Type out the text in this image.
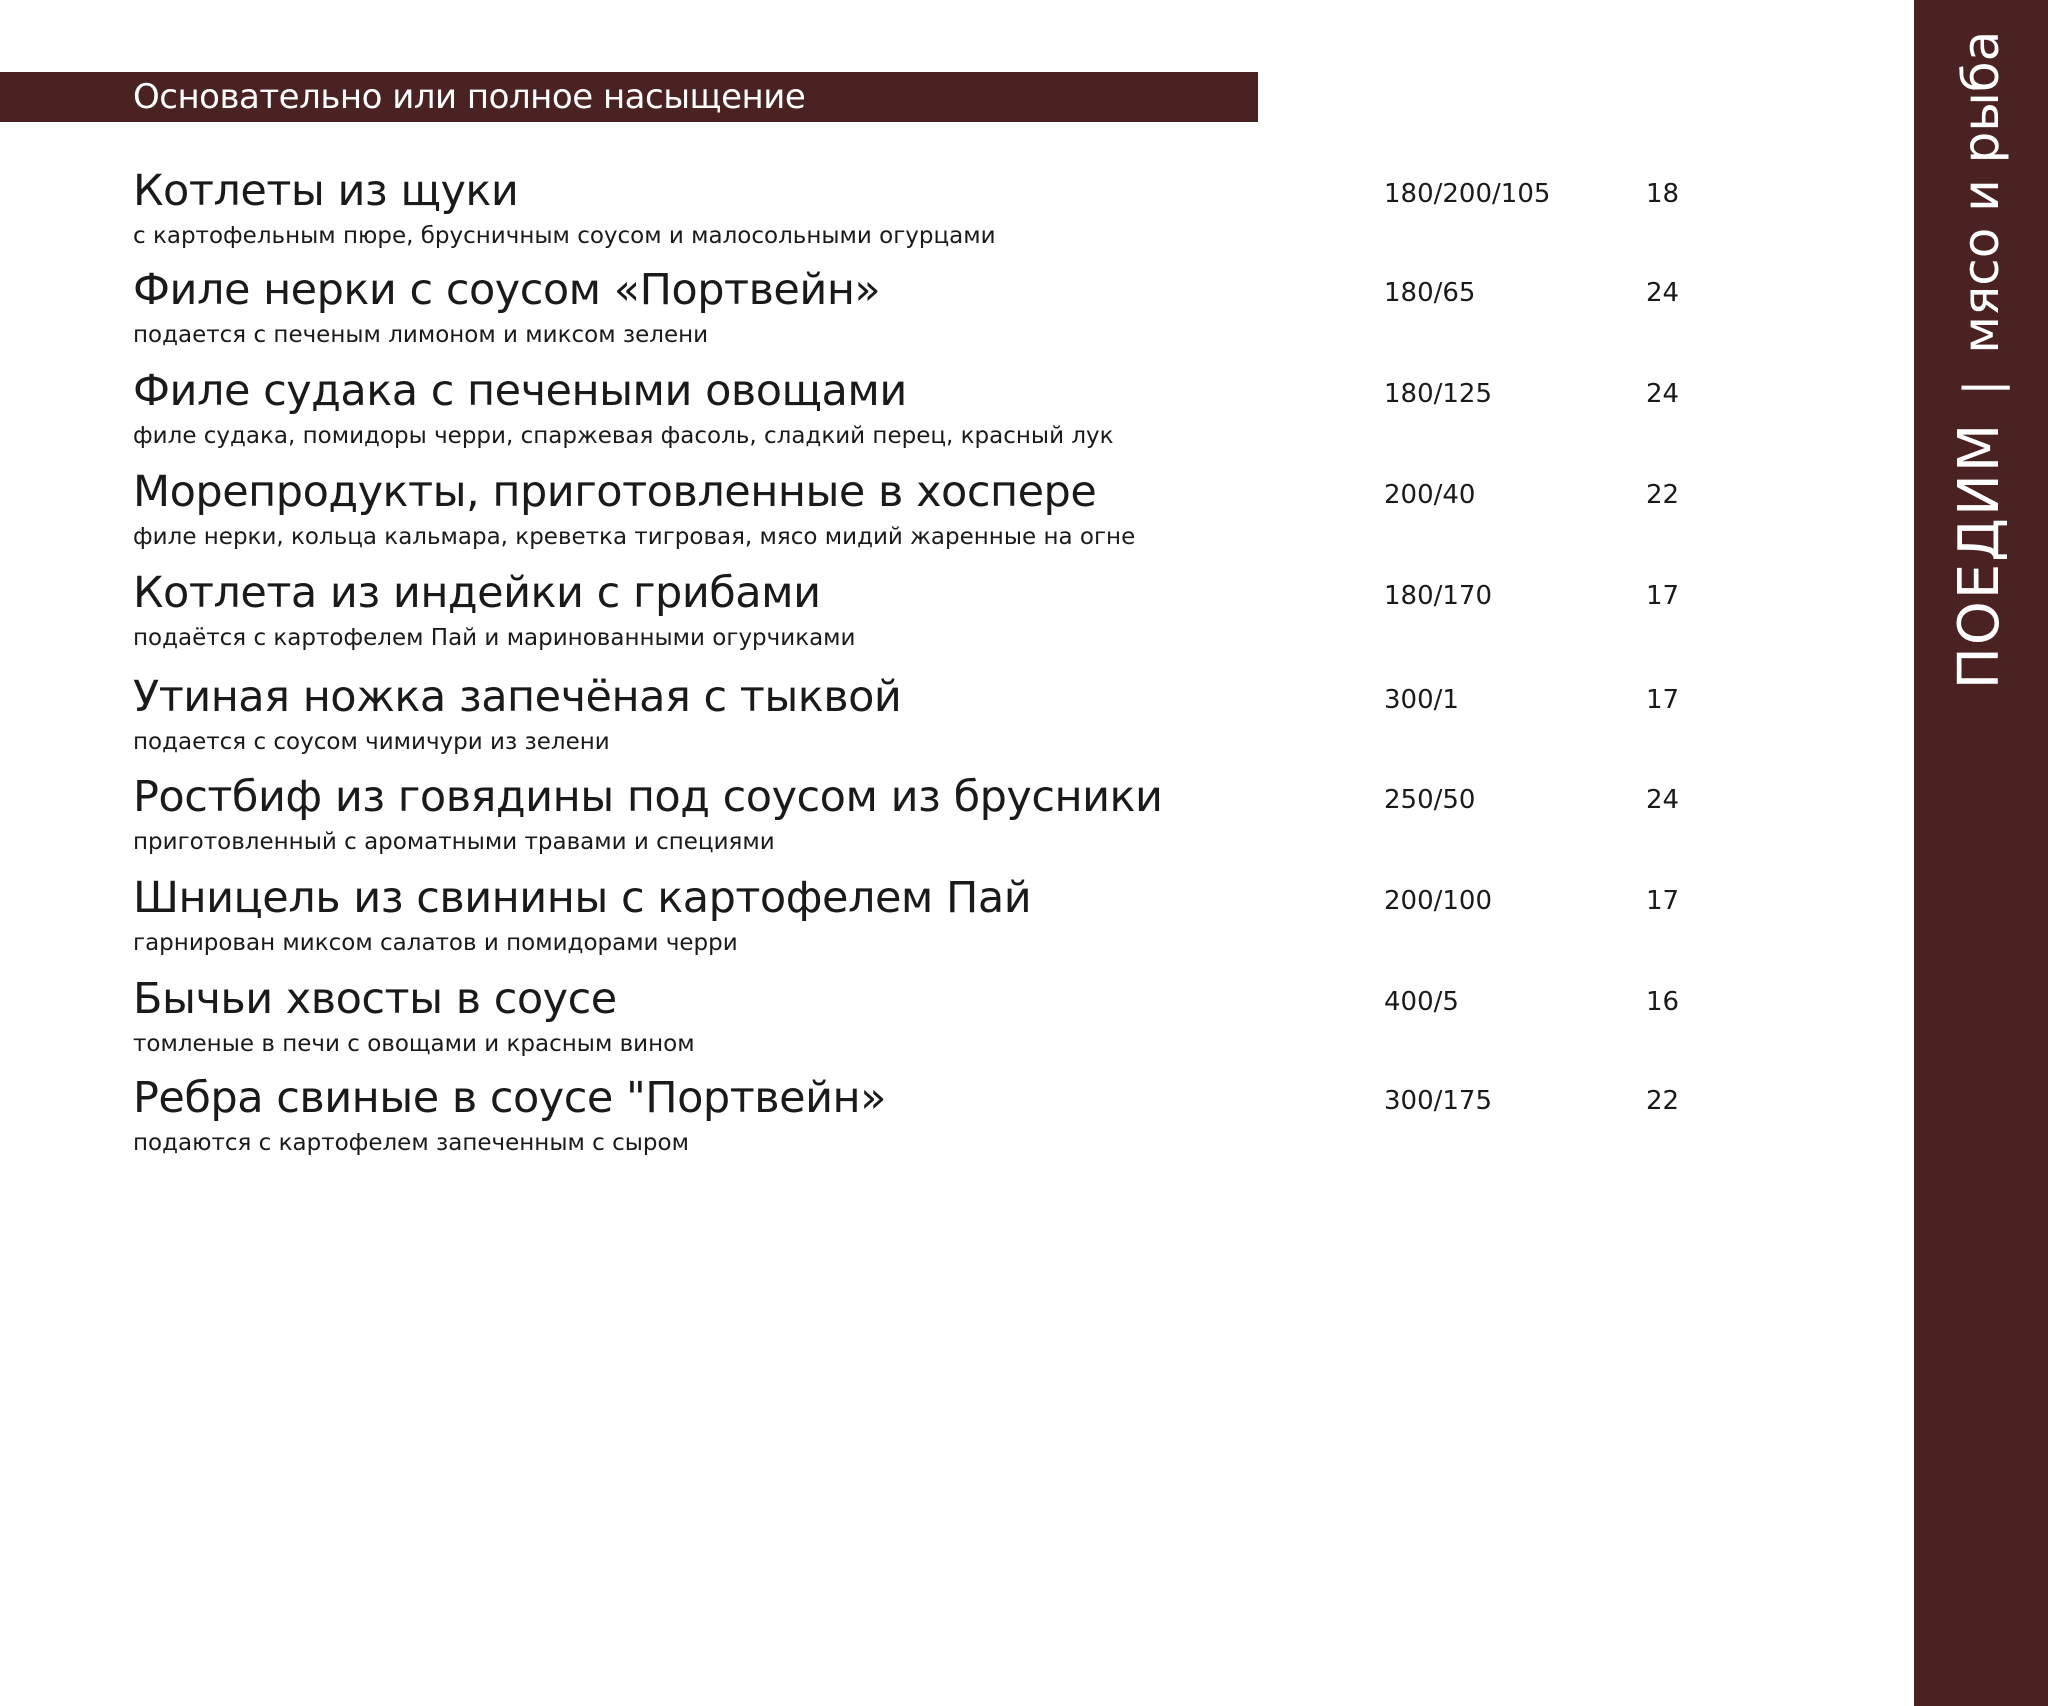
Основательно или полное насыщение
Котлеты из щуки
с картофельным пюре, брусничным соусом и малосольными огурцами
180/200/105	18
Филе нерки с соусом «Портвейн»
подается с печеным лимоном и миксом зелени
180/65	24
Филе судака с печеными овощами
филе судака, помидоры черри, спаржевая фасоль, сладкий перец, красный лук
180/125	24
Морепродукты, приготовленные в хоспере
филе нерки, кольца кальмара, креветка тигровая, мясо мидий жаренные на огне
200/40	22
Котлета из индейки с грибами
подаётся с картофелем Пай и маринованными огурчиками
180/170	17
Утиная ножка запечёная с тыквой
подается с соусом чимичури из зелени
300/1	17
Ростбиф из говядины под соусом из брусники
приготовленный с ароматными травами и специями
250/50	24
Шницель из свинины с картофелем Пай
гарнирован миксом салатов и помидорами черри
200/100	17
Бычьи хвосты в соусе
томленые в печи с овощами и красным вином
400/5	16
Ребра свиные в соусе "Портвейн»
подаются с картофелем запеченным с сыром
300/175	22
ПОЕДИМ|мясо и рыба
